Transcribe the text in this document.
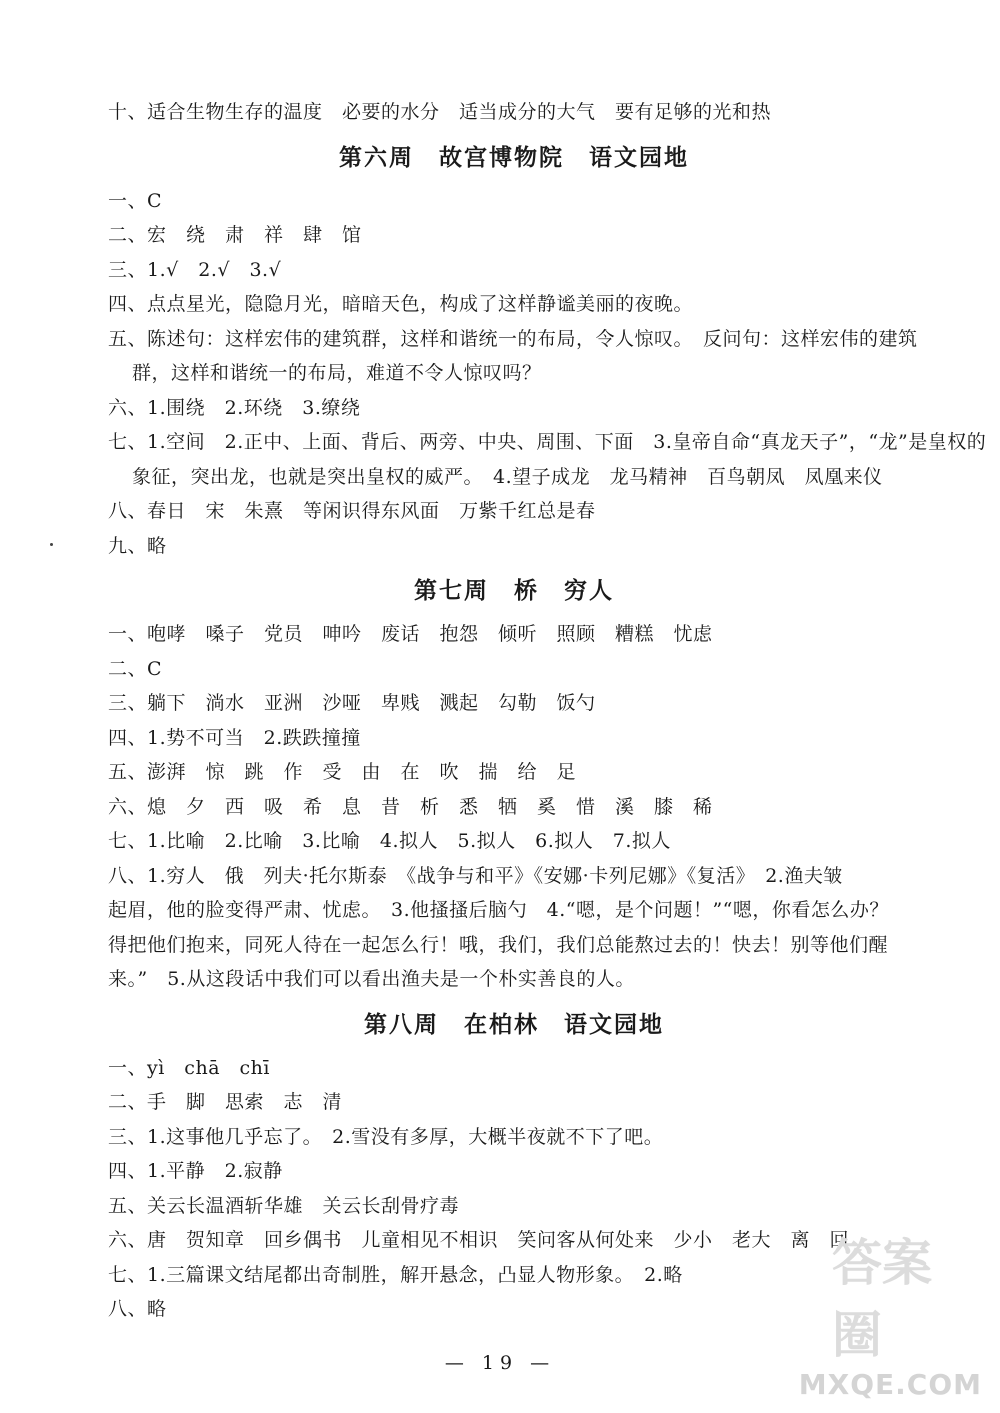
十、适合生物生存的温度　必要的水分　适当成分的大气　要有足够的光和热
第六周　故宫博物院　语文园地
一、C
二、宏　绕　肃　祥　肆　馆
三、1.√　2.√　3.√
四、点点星光，隐隐月光，暗暗天色，构成了这样静谧美丽的夜晚。
五、陈述句：这样宏伟的建筑群，这样和谐统一的布局，令人惊叹。　反问句：这样宏伟的建筑
群，这样和谐统一的布局，难道不令人惊叹吗？
六、1.围绕　2.环绕　3.缭绕
七、1.空间　2.正中、上面、背后、两旁、中央、周围、下面　3.皇帝自命“真龙天子”，“龙”是皇权的
象征，突出龙，也就是突出皇权的威严。　4.望子成龙　龙马精神　百鸟朝凤　凤凰来仪
八、春日　宋　朱熹　等闲识得东风面　万紫千红总是春
九、略
第七周　桥　穷人
一、咆哮　嗓子　党员　呻吟　废话　抱怨　倾听　照顾　糟糕　忧虑
二、C
三、躺下　淌水　亚洲　沙哑　卑贱　溅起　勾勒　饭勺
四、1.势不可当　2.跌跌撞撞
五、澎湃　惊　跳　作　受　由　在　吹　揣　给　足
六、熄　夕　西　吸　希　息　昔　析　悉　牺　奚　惜　溪　膝　稀
七、1.比喻　2.比喻　3.比喻　4.拟人　5.拟人　6.拟人　7.拟人
八、1.穷人　俄　列夫·托尔斯泰　《战争与和平》《安娜·卡列尼娜》《复活》　2.渔夫皱
起眉，他的脸变得严肃、忧虑。　3.他搔搔后脑勺　4.“嗯，是个问题！”“嗯，你看怎么办？
得把他们抱来，同死人待在一起怎么行！哦，我们，我们总能熬过去的！快去！别等他们醒
来。”　5.从这段话中我们可以看出渔夫是一个朴实善良的人。
第八周　在柏林　语文园地
一、yì　chā　chī
二、手　脚　思索　志　清
三、1.这事他几乎忘了。　2.雪没有多厚，大概半夜就不下了吧。
四、1.平静　2.寂静
五、关云长温酒斩华雄　关云长刮骨疗毒
六、唐　贺知章　回乡偶书　儿童相见不相识　笑问客从何处来　少小　老大　离　回
七、1.三篇课文结尾都出奇制胜，解开悬念，凸显人物形象。　2.略
八、略
— 19 —
答案圈
MXQE.COM
